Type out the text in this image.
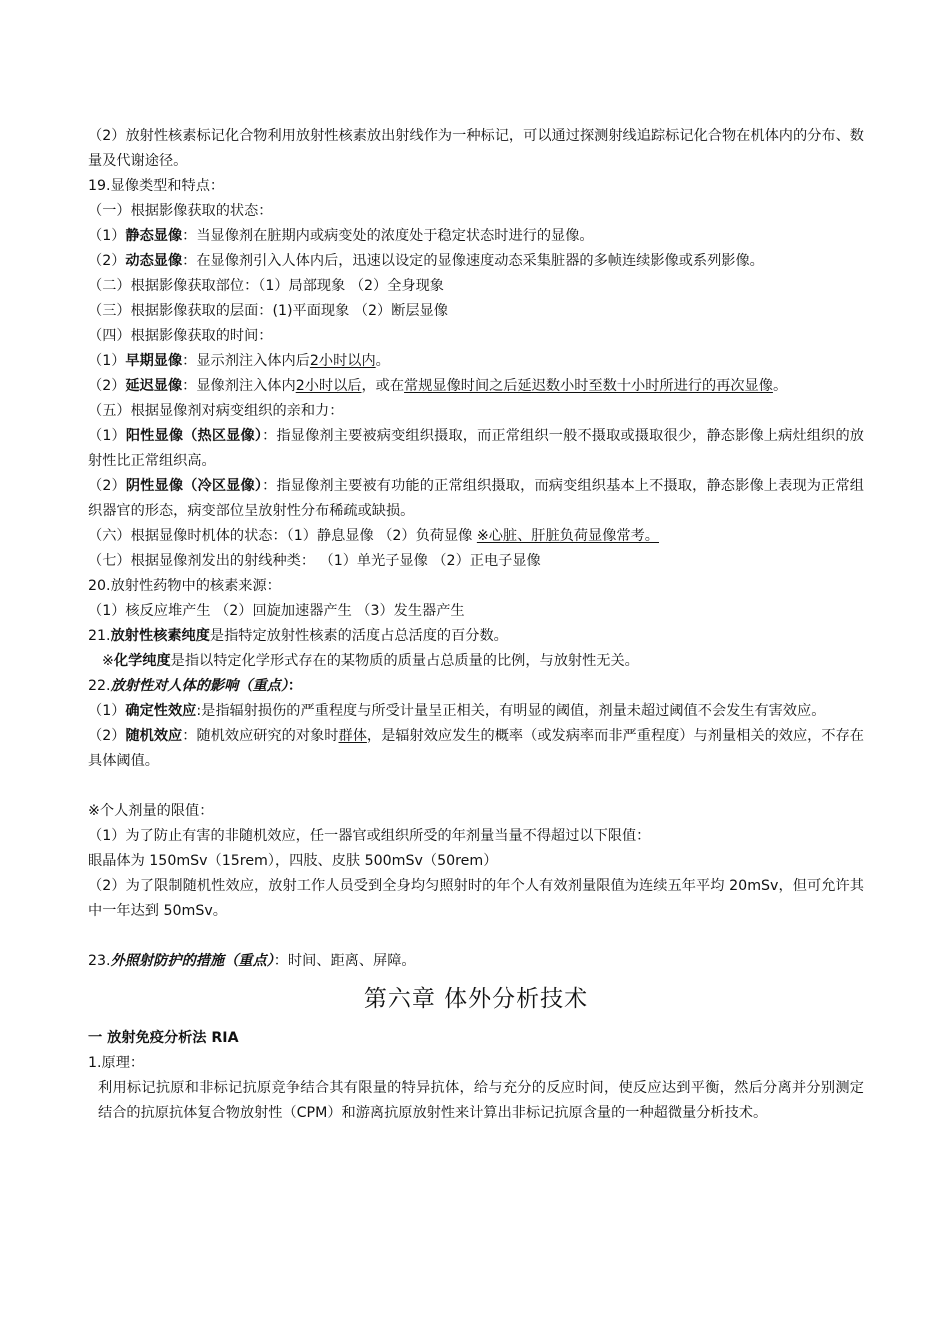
（2）放射性核素标记化合物利用放射性核素放出射线作为一种标记，可以通过探测射线追踪标记化合物在机体内的分布、数量及代谢途径。

19.显像类型和特点：

（一）根据影像获取的状态：

（1）静态显像：当显像剂在脏期内或病变处的浓度处于稳定状态时进行的显像。

（2）动态显像：在显像剂引入人体内后，迅速以设定的显像速度动态采集脏器的多帧连续影像或系列影像。

（二）根据影像获取部位：（1）局部现象 （2）全身现象

（三）根据影像获取的层面：(1)平面现象 （2）断层显像

（四）根据影像获取的时间：

（1）早期显像：显示剂注入体内后2小时以内。

（2）延迟显像：显像剂注入体内2小时以后，或在常规显像时间之后延迟数小时至数十小时所进行的再次显像。

（五）根据显像剂对病变组织的亲和力：

（1）阳性显像（热区显像）：指显像剂主要被病变组织摄取，而正常组织一般不摄取或摄取很少，静态影像上病灶组织的放射性比正常组织高。

（2）阴性显像（冷区显像）：指显像剂主要被有功能的正常组织摄取，而病变组织基本上不摄取，静态影像上表现为正常组织器官的形态，病变部位呈放射性分布稀疏或缺损。

（六）根据显像时机体的状态：（1）静息显像 （2）负荷显像 ※心脏、肝脏负荷显像常考。

（七）根据显像剂发出的射线种类： （1）单光子显像 （2）正电子显像

20.放射性药物中的核素来源：

（1）核反应堆产生 （2）回旋加速器产生 （3）发生器产生

21.放射性核素纯度是指特定放射性核素的活度占总活度的百分数。

※化学纯度是指以特定化学形式存在的某物质的质量占总质量的比例，与放射性无关。

22.放射性对人体的影响（重点）：

（1）确定性效应:是指辐射损伤的严重程度与所受计量呈正相关，有明显的阈值，剂量未超过阈值不会发生有害效应。

（2）随机效应：随机效应研究的对象时群体，是辐射效应发生的概率（或发病率而非严重程度）与剂量相关的效应，不存在具体阈值。

※个人剂量的限值：

（1）为了防止有害的非随机效应，任一器官或组织所受的年剂量当量不得超过以下限值：

眼晶体为 150mSv（15rem），四肢、皮肤 500mSv（50rem）

（2）为了限制随机性效应，放射工作人员受到全身均匀照射时的年个人有效剂量限值为连续五年平均 20mSv，但可允许其中一年达到 50mSv。

23.外照射防护的措施（重点）：时间、距离、屏障。

第六章 体外分析技术

一 放射免疫分析法 RIA

1.原理：

利用标记抗原和非标记抗原竞争结合其有限量的特异抗体，给与充分的反应时间，使反应达到平衡，然后分离并分别测定结合的抗原抗体复合物放射性（CPM）和游离抗原放射性来计算出非标记抗原含量的一种超微量分析技术。
